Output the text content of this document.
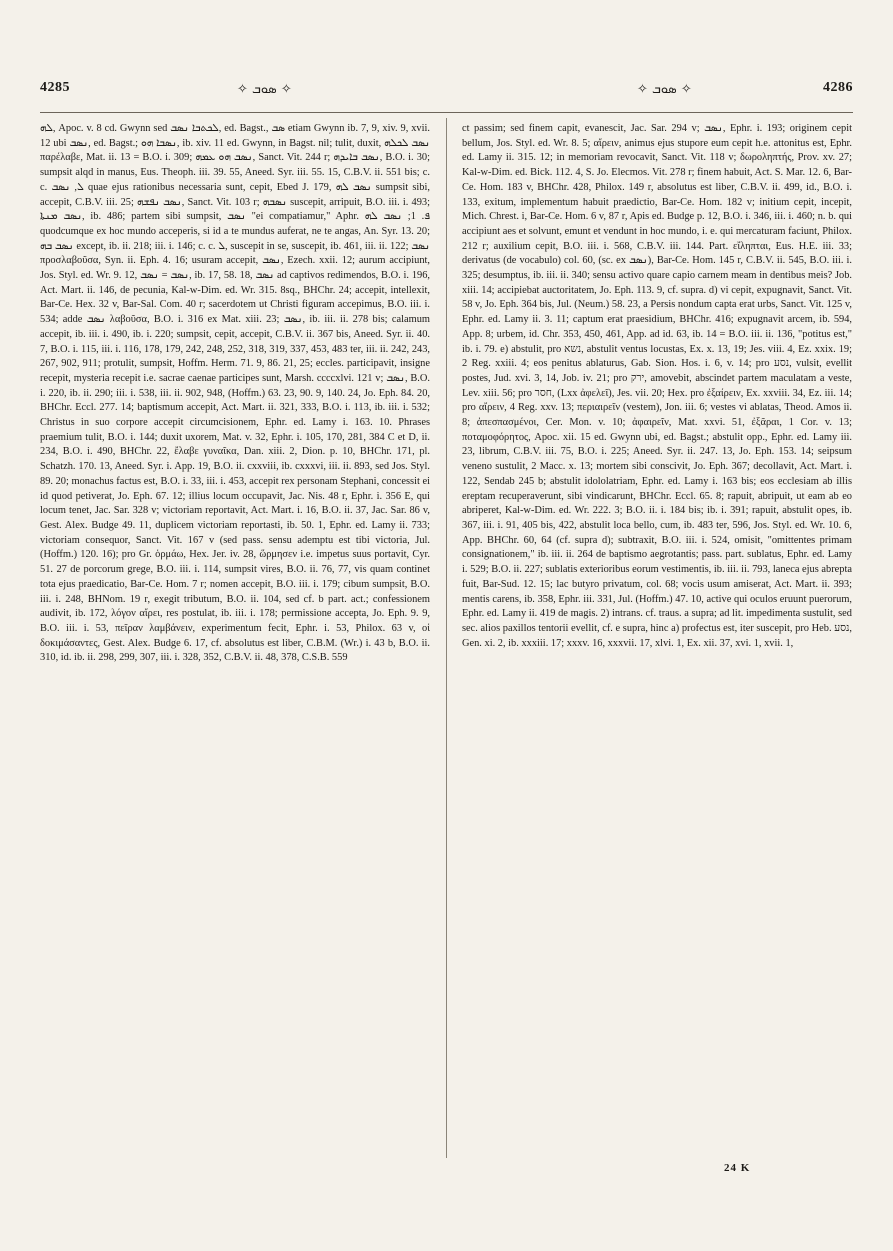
4285	✧ ܣܘܒ ✧	✧ ܣܘܒ ✧	4286

ܠܗ, Apoc. v. 8 cd. Gwynn sed ܠܟܬܒܐ ܢܣܒ, ed. Bagst., ܣܒ etiam Gwynn ib. 7, 9, xiv. 9, xvii. 12 ubi ܢܣܒ, ed. Bagst.; ܢܣܒܐ ܗܘ, ib. xiv. 11 ed. Gwynn, in Bagst. nil; tulit, duxit, ܢܣܒ ܠܟܠܗ παρέλαβε, Mat. ii. 13 = B.O. i. 309; ܢܣܒ ܗܘ ܥܡܗ, Sanct. Vit. 244 r; ܢܣܒ ܒܐܝܕܗ, B.O. i. 30; sumpsit alqd in manus, Eus. Theoph. iii. 39. 55, Aneed. Syr. iii. 55. 15, C.B.V. ii. 551 bis; c. c. ܠ, ܢܣܒ quae ejus rationibus necessaria sunt, cepit, Ebed J. 179, ܢܣܒ ܠܗ sumpsit sibi, accepit, C.B.V. iii. 25; ܢܣܒ ܢܦܫܗ, Sanct. Vit. 103 r; ܢܣܒܗ suscepit, arripuit, B.O. iii. i. 493; ܢܣܒ ܡܢܬܐ, ib. 486; partem sibi sumpsit, ܢܣܒ "ei compatiamur," Aphr. ܦ. 1; ܢܣܒ ܠܗ quodcumque ex hoc mundo acceperis, si id a te mundus auferat, ne te angas, An. Syr. 13. 20; ܢܣܒ ܒܗ except, ib. ii. 218; iii. i. 146; c. c. ܠ, suscepit in se, suscepit, ib. 461, iii. ii. 122; ܢܣܒ προσλαβοῦσα, Syn. ii. Eph. 4. 16; usuram accepit, ܢܣܒ, Ezech. xxii. 12; aurum accipiunt, Jos. Styl. ed. Wr. 9. 12, ܢܣܒ = ܢܣܒ, ib. 17, 58. 18, ܢܣܒ ad captivos redimendos, B.O. i. 196, Act. Mart. ii. 146, de pecunia, Kal-w-Dim. ed. Wr. 315. 8sq., BHChr. 24; accepit, intellexit, Bar-Ce. Hex. 32 v, Bar-Sal. Com. 40 r; sacerdotem ut Christi figuram accepimus, B.O. iii. i. 534; adde ܢܣܒ λαβοῦσα, B.O. i. 316 ex Mat. xiii. 23; ܢܣܒ, ib. iii. ii. 278 bis; calamum accepit, ib. iii. i. 490, ib. i. 220; sumpsit, cepit, accepit, C.B.V. ii. 367 bis, Aneed. Syr. ii. 40. 7, B.O. i. 115, iii. i. 116, 178, 179, 242, 248, 252, 318, 319, 337, 453, 483 ter, iii. ii. 242, 243, 267, 902, 911; protulit, sumpsit, Hoffm. Herm. 71. 9, 86. 21, 25; eccles. participavit, insigne recepit, mysteria recepit i.e. sacrae caenae participes sunt, Marsh. ccccxlvi. 121 v; ܢܣܒ, B.O. i. 220, ib. ii. 290; iii. i. 538, iii. ii. 902, 948, (Hoffm.) 63. 23, 90. 9, 140. 24, Jo. Eph. 84. 20, BHChr. Eccl. 277. 14; baptismum accepit, Act. Mart. ii. 321, 333, B.O. i. 113, ib. iii. i. 532; Christus in suo corpore accepit circumcisionem, Ephr. ed. Lamy i. 163. 10. Phrases praemium tulit, B.O. i. 144; duxit uxorem, Mat. v. 32, Ephr. i. 105, 170, 281, 384 C et D, ii. 234, B.O. i. 490, BHChr. 22, ἔλαβε γυναῖκα, Dan. xiii. 2, Dion. p. 10, BHChr. 171, pl. Schatzh. 170. 13, Aneed. Syr. i. App. 19, B.O. ii. cxxviii, ib. cxxxvi, iii. ii. 893, sed Jos. Styl. 89. 20; monachus factus est, B.O. i. 33, iii. i. 453, accepit rex personam Stephani, concessit ei id quod petiverat, Jo. Eph. 67. 12; illius locum occupavit, Jac. Nis. 48 r, Ephr. i. 356 E, qui locum tenet, Jac. Sar. 328 v; victoriam reportavit, Act. Mart. i. 16, B.O. ii. 37, Jac. Sar. 86 v, Gest. Alex. Budge 49. 11, duplicem victoriam reportasti, ib. 50. 1, Ephr. ed. Lamy ii. 733; victoriam consequor, Sanct. Vit. 167 v (sed pass. sensu ademptu est tibi victoria, Jul. (Hoffm.) 120. 16); pro Gr. ὁρμάω, Hex. Jer. iv. 28, ὥρμησεν i.e. impetus suus portavit, Cyr. 51. 27 de porcorum grege, B.O. iii. i. 114, sumpsit vires, B.O. ii. 76, 77, vis quam continet tota ejus praedicatio, Bar-Ce. Hom. 7 r; nomen accepit, B.O. iii. i. 179; cibum sumpsit, B.O. iii. i. 248, BHNom. 19 r, exegit tributum, B.O. ii. 104, sed cf. b part. act.; confessionem audivit, ib. 172, λόγον αἴρει, res postulat, ib. iii. i. 178; permissione accepta, Jo. Eph. 9. 9, B.O. iii. i. 53, πεῖραν λαμβάνειν, experimentum fecit, Ephr. i. 53, Philox. 63 v, οἱ δοκιμάσαντες, Gest. Alex. Budge 6. 17, cf. absolutus est liber, C.B.M. (Wr.) i. 43 b, B.O. ii. 310, id. ib. ii. 298, 299, 307, iii. i. 328, 352, C.B.V. ii. 48, 378, C.S.B. 559

ct passim; sed finem capit, evanescit, Jac. Sar. 294 v; ܢܣܒ, Ephr. i. 193; originem cepit bellum, Jos. Styl. ed. Wr. 8. 5; αἴρειν, animus ejus stupore eum cepit h.e. attonitus est, Ephr. ed. Lamy ii. 315. 12; in memoriam revocavit, Sanct. Vit. 118 v; δωροληπτής, Prov. xv. 27; Kal-w-Dim. ed. Bick. 112. 4, S. Jo. Elecmos. Vit. 278 r; finem habuit, Act. S. Mar. 12. 6, Bar-Ce. Hom. 183 v, BHChr. 428, Philox. 149 r, absolutus est liber, C.B.V. ii. 499, id., B.O. i. 133, exitum, implementum habuit praedictio, Bar-Ce. Hom. 182 v; initium cepit, incepit, Mich. Chrest. i, Bar-Ce. Hom. 6 v, 87 r, Apis ed. Budge p. 12, B.O. i. 346, iii. i. 460; n. b. qui accipiunt aes et solvunt, emunt et vendunt in hoc mundo, i. e. qui mercaturam faciunt, Philox. 212 r; auxilium cepit, B.O. iii. i. 568, C.B.V. iii. 144. Part. εἴληπται, Eus. H.E. iii. 33; derivatus (de vocabulo) col. 60, (sc. ex ܢܣܒ), Bar-Ce. Hom. 145 r, C.B.V. ii. 545, B.O. iii. i. 325; desumptus, ib. iii. ii. 340; sensu activo quare capio carnem meam in dentibus meis? Job. xiii. 14; accipiebat auctoritatem, Jo. Eph. 113. 9, cf. supra. d) vi cepit, expugnavit, Sanct. Vit. 58 v, Jo. Eph. 364 bis, Jul. (Neum.) 58. 23, a Persis nondum capta erat urbs, Sanct. Vit. 125 v, Ephr. ed. Lamy ii. 3. 11; captum erat praesidium, BHChr. 416; expugnavit arcem, ib. 594, App. 8; urbem, id. Chr. 353, 450, 461, App. ad id. 63, ib. 14 = B.O. iii. ii. 136, "potitus est," ib. i. 79. e) abstulit, pro נשא, abstulit ventus locustas, Ex. x. 13, 19; Jes. viii. 4, Ez. xxix. 19; 2 Reg. xxiii. 4; eos penitus ablaturus, Gab. Sion. Hos. i. 6, v. 14; pro נסע, vulsit, evellit postes, Jud. xvi. 3, 14, Job. iv. 21; pro ירק, amovebit, abscindet partem maculatam a veste, Lev. xiii. 56; pro חסר, (Lxx ἀφελεῖ), Jes. vii. 20; Hex. pro ἐξαίρειν, Ex. xxviii. 34, Ez. iii. 14; pro αἴρειν, 4 Reg. xxv. 13; περιαιρεῖν (vestem), Jon. iii. 6; vestes vi ablatas, Theod. Amos ii. 8; ἀπεσπασμένοι, Cer. Mon. v. 10; ἀφαιρεῖν, Mat. xxvi. 51, ἐξᾶραι, 1 Cor. v. 13; ποταμοφόρητος, Apoc. xii. 15 ed. Gwynn ubi, ed. Bagst.; abstulit opp., Ephr. ed. Lamy iii. 23, librum, C.B.V. iii. 75, B.O. i. 225; Aneed. Syr. ii. 247. 13, Jo. Eph. 153. 14; seipsum veneno sustulit, 2 Macc. x. 13; mortem sibi conscivit, Jo. Eph. 367; decollavit, Act. Mart. i. 122, Sendab 245 b; abstulit idololatriam, Ephr. ed. Lamy i. 163 bis; eos ecclesiam ab illis ereptam recuperaverunt, sibi vindicarunt, BHChr. Eccl. 65. 8; rapuit, abripuit, ut eam ab eo abriperet, Kal-w-Dim. ed. Wr. 222. 3; B.O. ii. i. 184 bis; ib. i. 391; rapuit, abstulit opes, ib. 367, iii. i. 91, 405 bis, 422, abstulit loca bello, cum, ib. 483 ter, 596, Jos. Styl. ed. Wr. 10. 6, App. BHChr. 60, 64 (cf. supra d); subtraxit, B.O. iii. i. 524, omisit, "omittentes primam consignationem," ib. iii. ii. 264 de baptismo aegrotantis; pass. part. sublatus, Ephr. ed. Lamy i. 529; B.O. ii. 227; sublatis exterioribus eorum vestimentis, ib. iii. ii. 793, laneca ejus abrepta fuit, Bar-Sud. 12. 15; lac butyro privatum, col. 68; vocis usum amiserat, Act. Mart. ii. 393; mentis carens, ib. 358, Ephr. iii. 331, Jul. (Hoffm.) 47. 10, active qui oculos eruunt puerorum, Ephr. ed. Lamy ii. 419 de magis. 2) intrans. cf. traus. a supra; ad lit. impedimenta sustulit, sed sec. alios paxillos tentorii evellit, cf. e supra, hinc a) profectus est, iter suscepit, pro Heb. נסע, Gen. xi. 2, ib. xxxiii. 17; xxxv. 16, xxxvii. 17, xlvi. 1, Ex. xii. 37, xvi. 1, xvii. 1,

24 K
